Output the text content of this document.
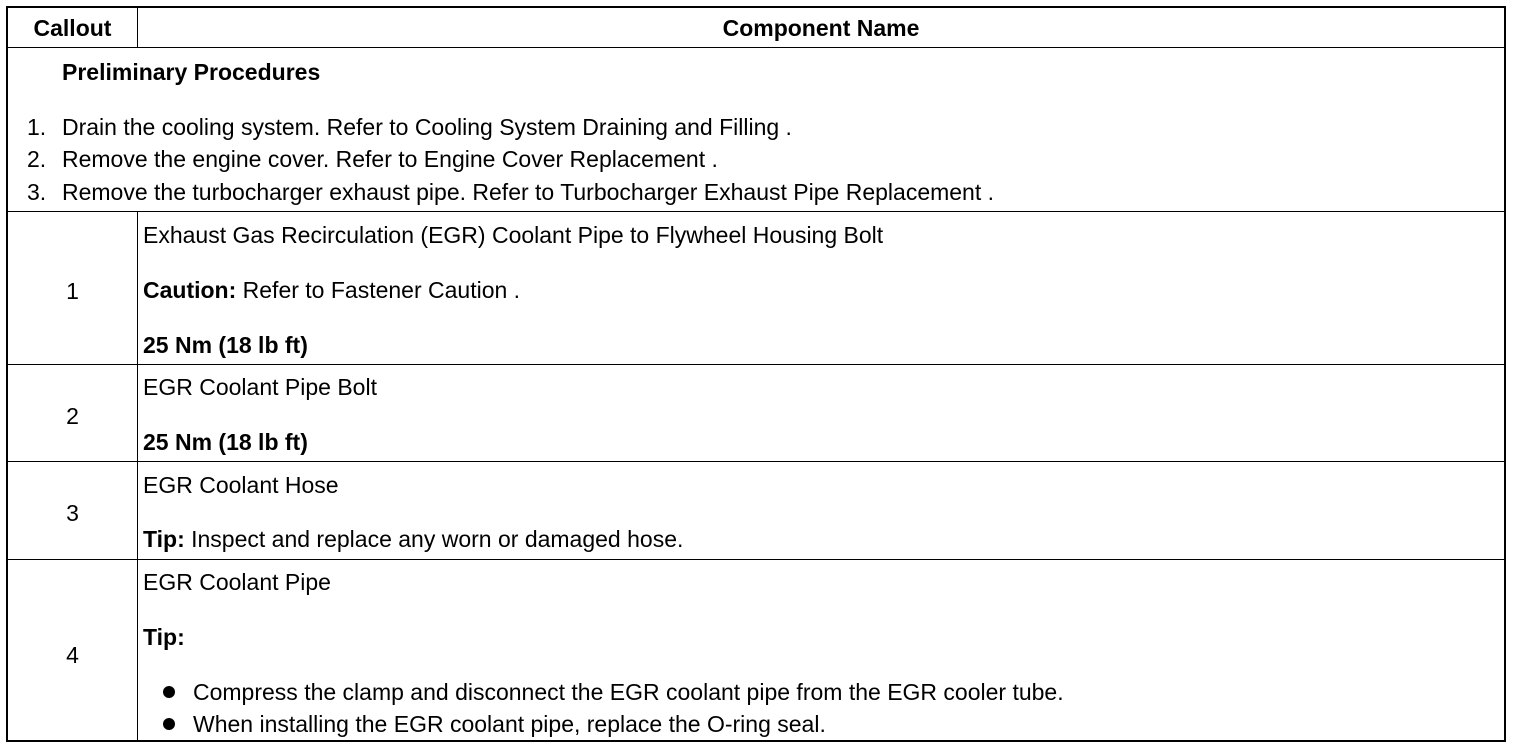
Callout	Component Name
Preliminary Procedures
1. Drain the cooling system. Refer to Cooling System Draining and Filling .
2. Remove the engine cover. Refer to Engine Cover Replacement .
3. Remove the turbocharger exhaust pipe. Refer to Turbocharger Exhaust Pipe Replacement .
1
Exhaust Gas Recirculation (EGR) Coolant Pipe to Flywheel Housing Bolt
Caution: Refer to Fastener Caution .
25 Nm (18 lb ft)
2
EGR Coolant Pipe Bolt
25 Nm (18 lb ft)
3
EGR Coolant Hose
Tip: Inspect and replace any worn or damaged hose.
4
EGR Coolant Pipe
Tip:
Compress the clamp and disconnect the EGR coolant pipe from the EGR cooler tube.
When installing the EGR coolant pipe, replace the O-ring seal.
